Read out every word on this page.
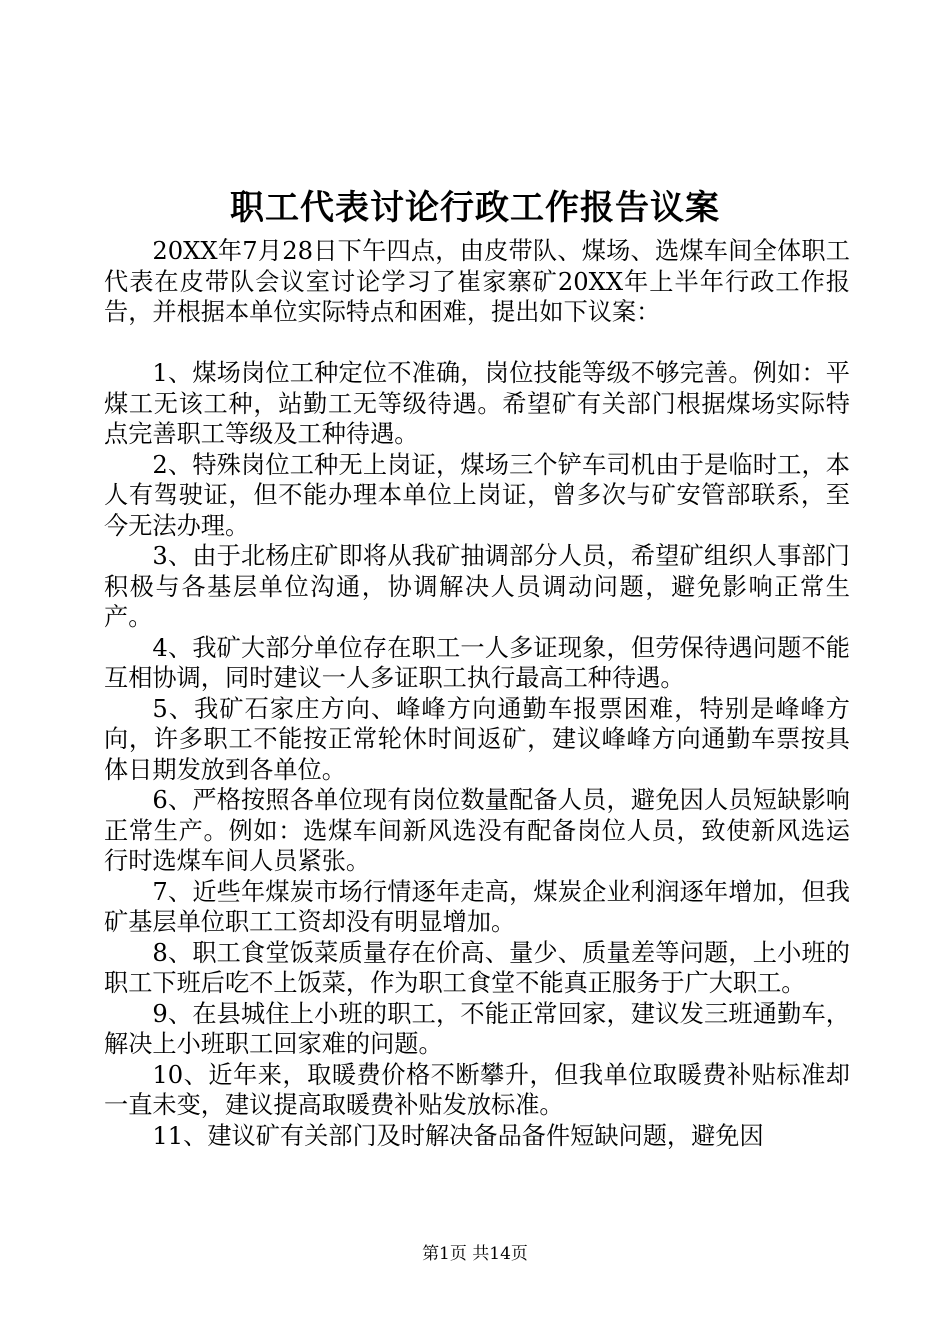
职工代表讨论行政工作报告议案

20XX年7月28日下午四点，由皮带队、煤场、选煤车间全体职工代表在皮带队会议室讨论学习了崔家寨矿20XX年上半年行政工作报告，并根据本单位实际特点和困难，提出如下议案：

1、煤场岗位工种定位不准确，岗位技能等级不够完善。例如：平煤工无该工种，站勤工无等级待遇。希望矿有关部门根据煤场实际特点完善职工等级及工种待遇。

2、特殊岗位工种无上岗证，煤场三个铲车司机由于是临时工，本人有驾驶证，但不能办理本单位上岗证，曾多次与矿安管部联系，至今无法办理。

3、由于北杨庄矿即将从我矿抽调部分人员，希望矿组织人事部门积极与各基层单位沟通，协调解决人员调动问题，避免影响正常生产。

4、我矿大部分单位存在职工一人多证现象，但劳保待遇问题不能互相协调，同时建议一人多证职工执行最高工种待遇。

5、我矿石家庄方向、峰峰方向通勤车报票困难，特别是峰峰方向，许多职工不能按正常轮休时间返矿，建议峰峰方向通勤车票按具体日期发放到各单位。

6、严格按照各单位现有岗位数量配备人员，避免因人员短缺影响正常生产。例如：选煤车间新风选没有配备岗位人员，致使新风选运行时选煤车间人员紧张。

7、近些年煤炭市场行情逐年走高，煤炭企业利润逐年增加，但我矿基层单位职工工资却没有明显增加。

8、职工食堂饭菜质量存在价高、量少、质量差等问题，上小班的职工下班后吃不上饭菜，作为职工食堂不能真正服务于广大职工。

9、在县城住上小班的职工，不能正常回家，建议发三班通勤车，解决上小班职工回家难的问题。

10、近年来，取暖费价格不断攀升，但我单位取暖费补贴标准却一直未变，建议提高取暖费补贴发放标准。

11、建议矿有关部门及时解决备品备件短缺问题，避免因

第1页 共14页
